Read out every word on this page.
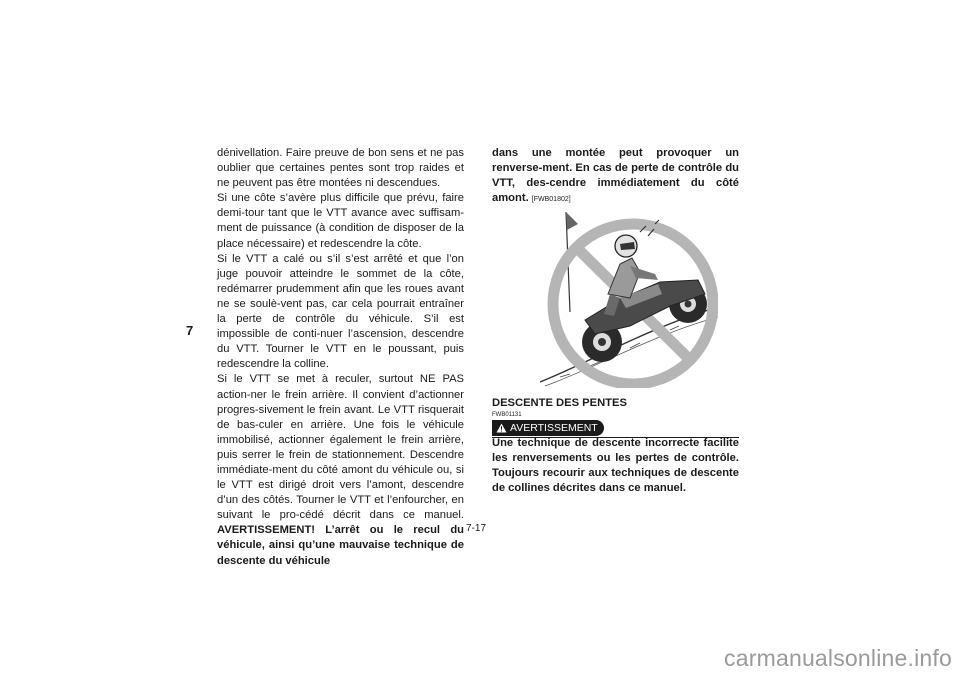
7

dénivellation. Faire preuve de bon sens et ne pas oublier que certaines pentes sont trop raides et ne peuvent pas être montées ni descendues.

Si une côte s’avère plus difficile que prévu, faire demi-tour tant que le VTT avance avec suffisam-ment de puissance (à condition de disposer de la place nécessaire) et redescendre la côte.

Si le VTT a calé ou s’il s’est arrêté et que l’on juge pouvoir atteindre le sommet de la côte, redémarrer prudemment afin que les roues avant ne se soulè-vent pas, car cela pourrait entraîner la perte de contrôle du véhicule. S’il est impossible de conti-nuer l’ascension, descendre du VTT. Tourner le VTT en le poussant, puis redescendre la colline.

Si le VTT se met à reculer, surtout NE PAS action-ner le frein arrière. Il convient d’actionner progres-sivement le frein avant. Le VTT risquerait de bas-culer en arrière. Une fois le véhicule immobilisé, actionner également le frein arrière, puis serrer le frein de stationnement. Descendre immédiate-ment du côté amont du véhicule ou, si le VTT est dirigé droit vers l’amont, descendre d’un des côtés. Tourner le VTT et l’enfourcher, en suivant le pro-cédé décrit dans ce manuel. AVERTISSEMENT! L’arrêt ou le recul du véhicule, ainsi qu’une mauvaise technique de descente du véhicule

dans une montée peut provoquer un renverse-ment. En cas de perte de contrôle du VTT, des-cendre immédiatement du côté amont. [FWB01802]

DESCENTE DES PENTES
FWB01131
AVERTISSEMENT

Une technique de descente incorrecte facilite les renversements ou les pertes de contrôle. Toujours recourir aux techniques de descente de collines décrites dans ce manuel.

7-17
carmanualsonline.info
